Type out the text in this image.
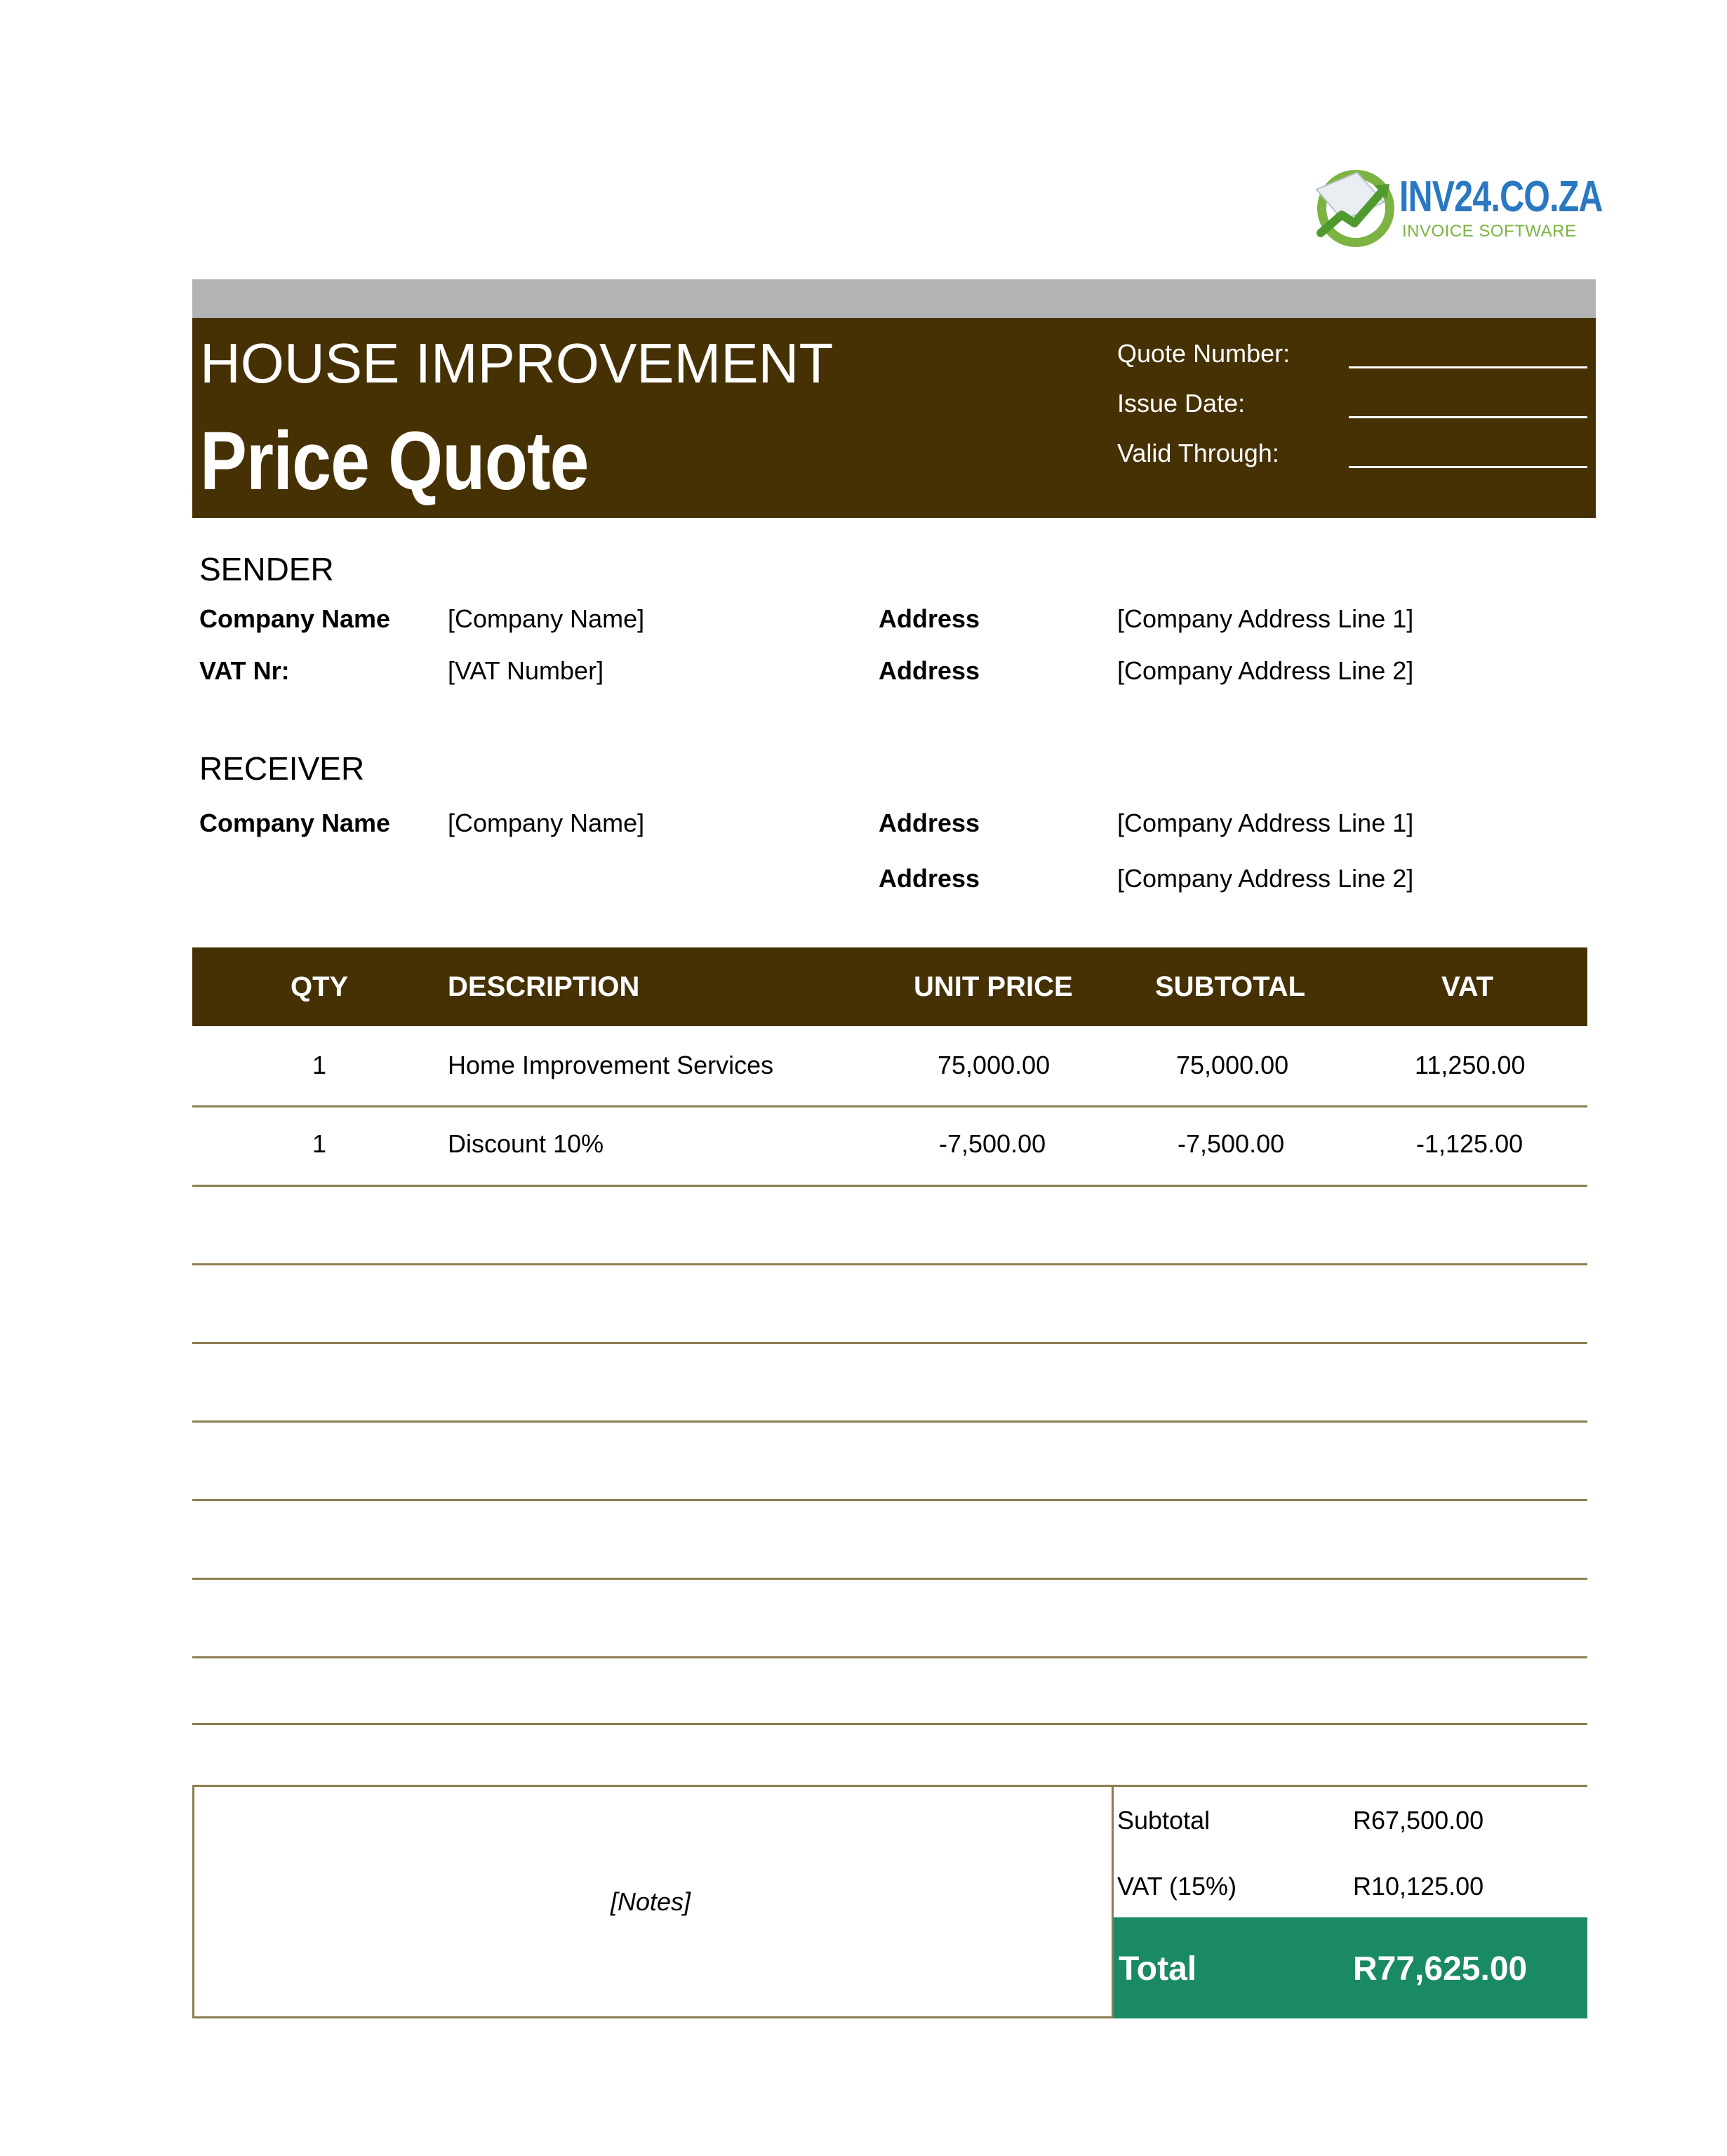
INV24.CO.ZA
INVOICE SOFTWARE
HOUSE IMPROVEMENT
Price Quote
Quote Number:
Issue Date:
Valid Through:
SENDER
Company Name [Company Name]	Address	[Company Address Line 1]
VAT Nr:	[VAT Number]	Address	[Company Address Line 2]
RECEIVER
Company Name [Company Name]	Address	[Company Address Line 1]
Address	[Company Address Line 2]
QTY	DESCRIPTION	UNIT PRICE	SUBTOTAL	VAT
1	Home Improvement Services	75,000.00	75,000.00	11,250.00
1	Discount 10%	-7,500.00	-7,500.00	-1,125.00
[Notes]
Subtotal	R67,500.00
VAT (15%)	R10,125.00
Total	R77,625.00
